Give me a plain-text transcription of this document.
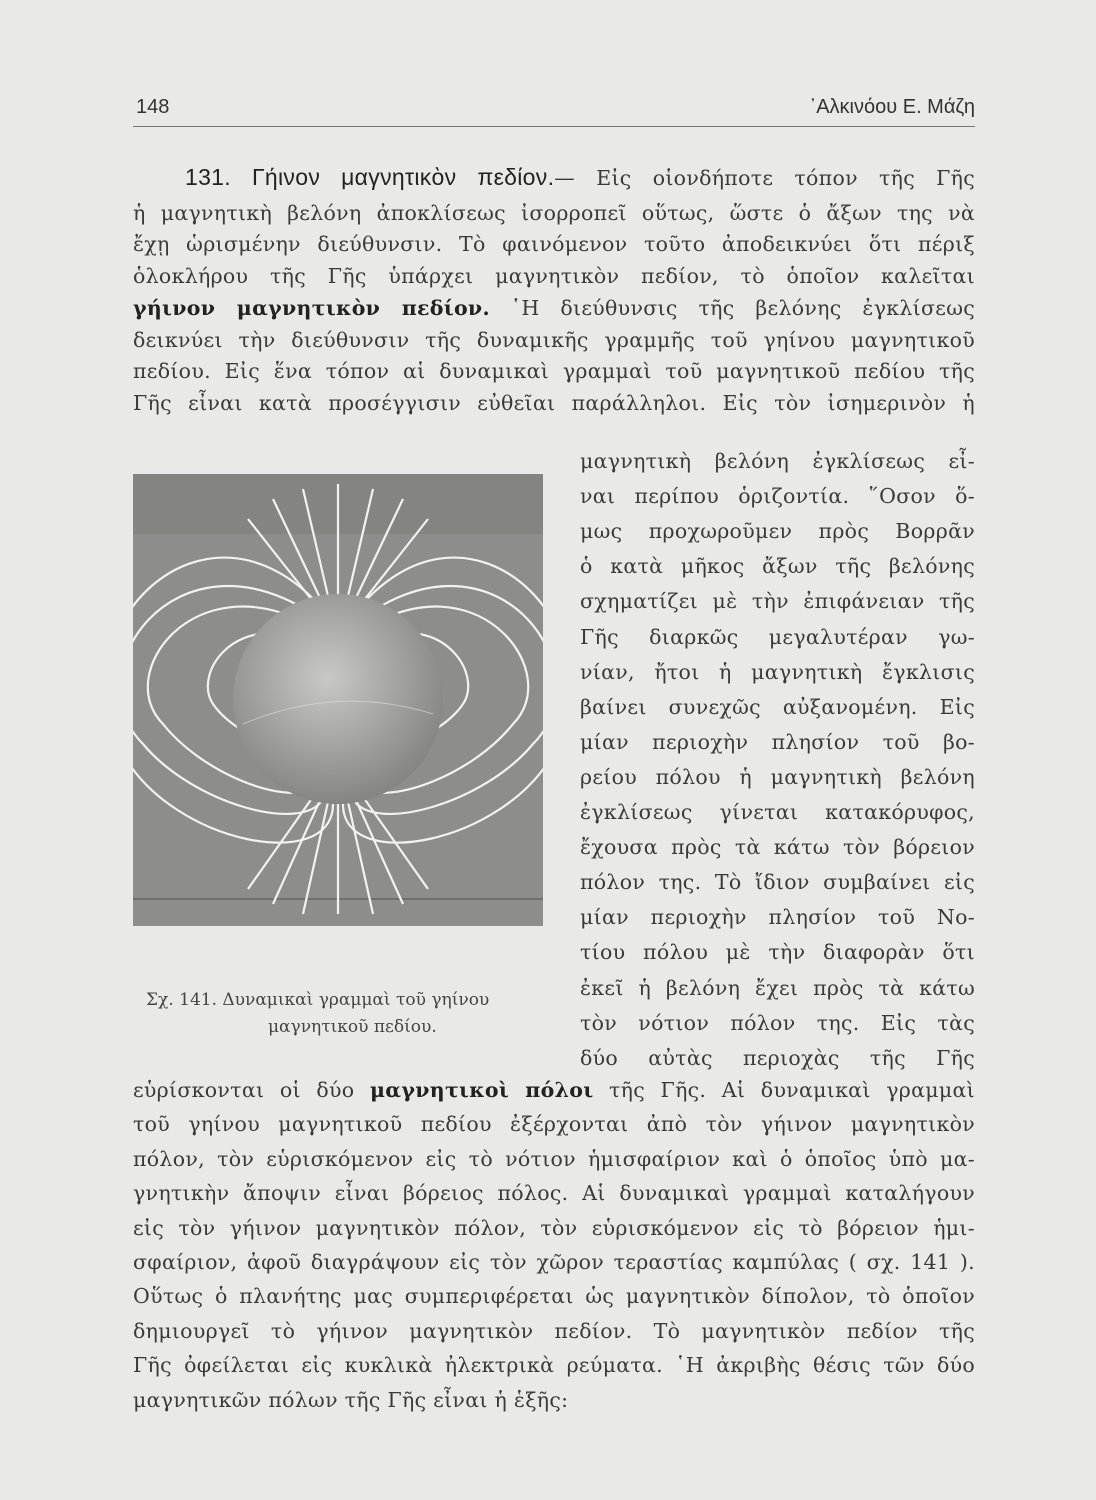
148	᾿Αλκινόου Ε. Μάζη
131. Γήινον μαγνητικὸν πεδίον.— Εἰς οἱονδήποτε τόπον τῆς Γῆς
ἡ μαγνητικὴ βελόνη ἀποκλίσεως ἰσορροπεῖ οὕτως, ὥστε ὁ ἄξων της νὰ
ἔχῃ ὡρισμένην διεύθυνσιν. Τὸ φαινόμενον τοῦτο ἀποδεικνύει ὅτι πέριξ
ὁλοκλήρου τῆς Γῆς ὑπάρχει μαγνητικὸν πεδίον, τὸ ὁποῖον καλεῖται
γήινον μαγνητικὸν πεδίον. ῾Η διεύθυνσις τῆς βελόνης ἐγκλίσεως
δεικνύει τὴν διεύθυνσιν τῆς δυναμικῆς γραμμῆς τοῦ γηίνου μαγνητικοῦ
πεδίου. Εἰς ἕνα τόπον αἱ δυναμικαὶ γραμμαὶ τοῦ μαγνητικοῦ πεδίου τῆς
Γῆς εἶναι κατὰ προσέγγισιν εὐθεῖαι παράλληλοι. Εἰς τὸν ἰσημερινὸν ἡ
μαγνητικὴ βελόνη ἐγκλίσεως εἶ-
ναι περίπου ὁριζοντία. ῞Οσον ὅ-
μως προχωροῦμεν πρὸς Βορρᾶν
ὁ κατὰ μῆκος ἄξων τῆς βελόνης
σχηματίζει μὲ τὴν ἐπιφάνειαν τῆς
Γῆς διαρκῶς μεγαλυτέραν γω-
νίαν, ἤτοι ἡ μαγνητικὴ ἔγκλισις
βαίνει συνεχῶς αὐξανομένη. Εἰς
μίαν περιοχὴν πλησίον τοῦ βο-
ρείου πόλου ἡ μαγνητικὴ βελόνη
ἐγκλίσεως γίνεται κατακόρυφος,
ἔχουσα πρὸς τὰ κάτω τὸν βόρειον
πόλον της. Τὸ ἴδιον συμβαίνει εἰς
μίαν περιοχὴν πλησίον τοῦ Νο-
τίου πόλου μὲ τὴν διαφορὰν ὅτι
ἐκεῖ ἡ βελόνη ἔχει πρὸς τὰ κάτω
τὸν νότιον πόλον της. Εἰς τὰς
δύο αὐτὰς περιοχὰς τῆς Γῆς
εὑρίσκονται οἱ δύο μαγνητικοὶ πόλοι τῆς Γῆς. Αἱ δυναμικαὶ γραμμαὶ
τοῦ γηίνου μαγνητικοῦ πεδίου ἐξέρχονται ἀπὸ τὸν γήινον μαγνητικὸν
πόλον, τὸν εὑρισκόμενον εἰς τὸ νότιον ἡμισφαίριον καὶ ὁ ὁποῖος ὑπὸ μα-
γνητικὴν ἄποψιν εἶναι βόρειος πόλος. Αἱ δυναμικαὶ γραμμαὶ καταλήγουν
εἰς τὸν γήινον μαγνητικὸν πόλον, τὸν εὑρισκόμενον εἰς τὸ βόρειον ἡμι-
σφαίριον, ἀφοῦ διαγράψουν εἰς τὸν χῶρον τεραστίας καμπύλας ( σχ. 141 ).
Οὕτως ὁ πλανήτης μας συμπεριφέρεται ὡς μαγνητικὸν δίπολον, τὸ ὁποῖον
δημιουργεῖ τὸ γήινον μαγνητικὸν πεδίον. Τὸ μαγνητικὸν πεδίον τῆς
Γῆς ὀφείλεται εἰς κυκλικὰ ἠλεκτρικὰ ρεύματα. ῾Η ἀκριβὴς θέσις τῶν δύο
μαγνητικῶν πόλων τῆς Γῆς εἶναι ἡ ἑξῆς:
Σχ. 141. Δυναμικαὶ γραμμαὶ τοῦ γηίνου
μαγνητικοῦ πεδίου.
